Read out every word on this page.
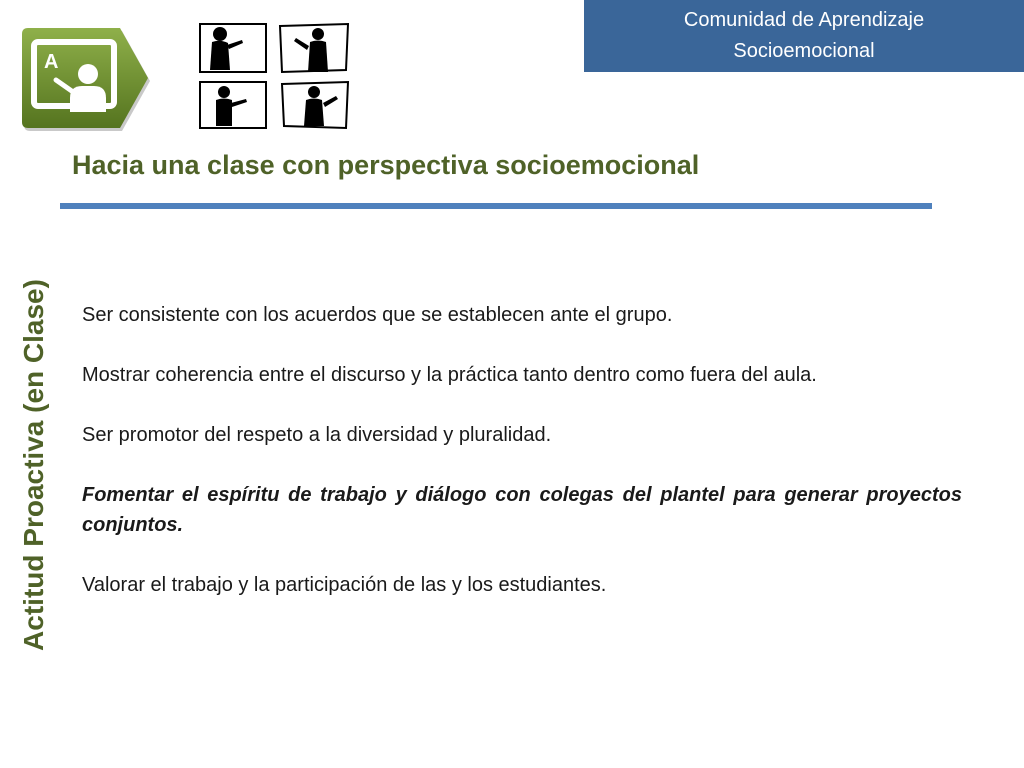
Comunidad de Aprendizaje
Socioemocional
A
Hacia una clase con perspectiva socioemocional
Actitud Proactiva (en Clase) Ser consistente con los acuerdos que se establecen ante el grupo.

Mostrar coherencia entre el discurso y la práctica tanto dentro como fuera del aula.

Ser promotor del respeto a la diversidad y pluralidad.

Fomentar el espíritu de trabajo y diálogo con colegas del plantel para generar proyectos conjuntos.

Valorar el trabajo y la participación de las y los estudiantes.
